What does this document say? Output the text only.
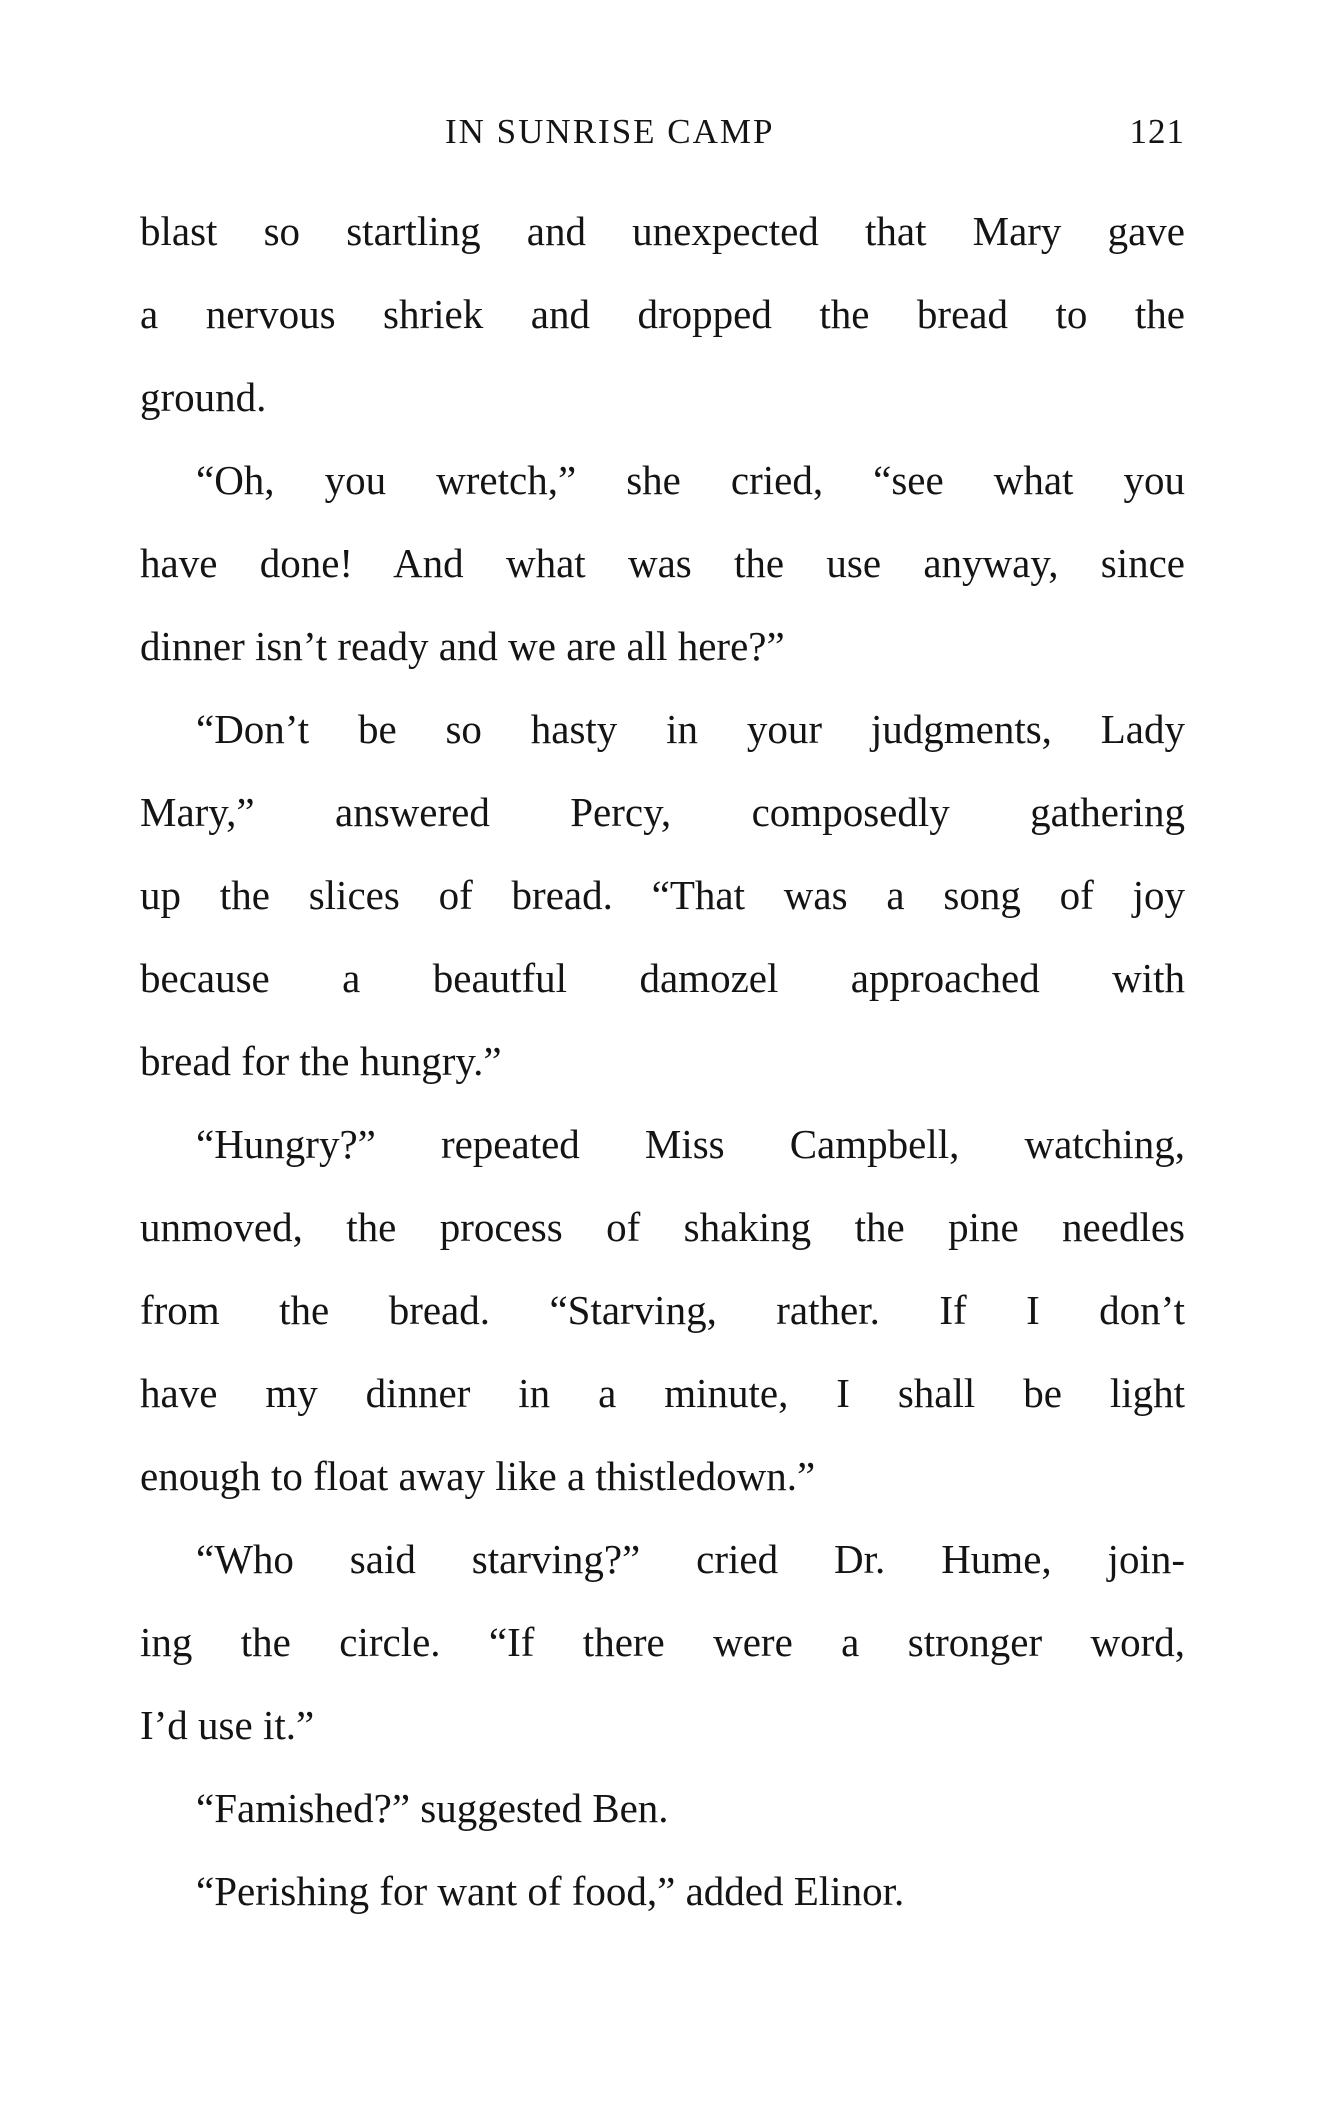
IN SUNRISE CAMP	121
blast so startling and unexpected that Mary gave
a nervous shriek and dropped the bread to the
ground.
“Oh, you wretch,” she cried, “see what you
have done! And what was the use anyway, since
dinner isn’t ready and we are all here?”
“Don’t be so hasty in your judgments, Lady
Mary,” answered Percy, composedly gathering
up the slices of bread. “That was a song of joy
because a beautful damozel approached with
bread for the hungry.”
“Hungry?” repeated Miss Campbell, watching,
unmoved, the process of shaking the pine needles
from the bread. “Starving, rather. If I don’t
have my dinner in a minute, I shall be light
enough to float away like a thistledown.”
“Who said starving?” cried Dr. Hume, join-
ing the circle. “If there were a stronger word,
I’d use it.”
“Famished?” suggested Ben.
“Perishing for want of food,” added Elinor.
